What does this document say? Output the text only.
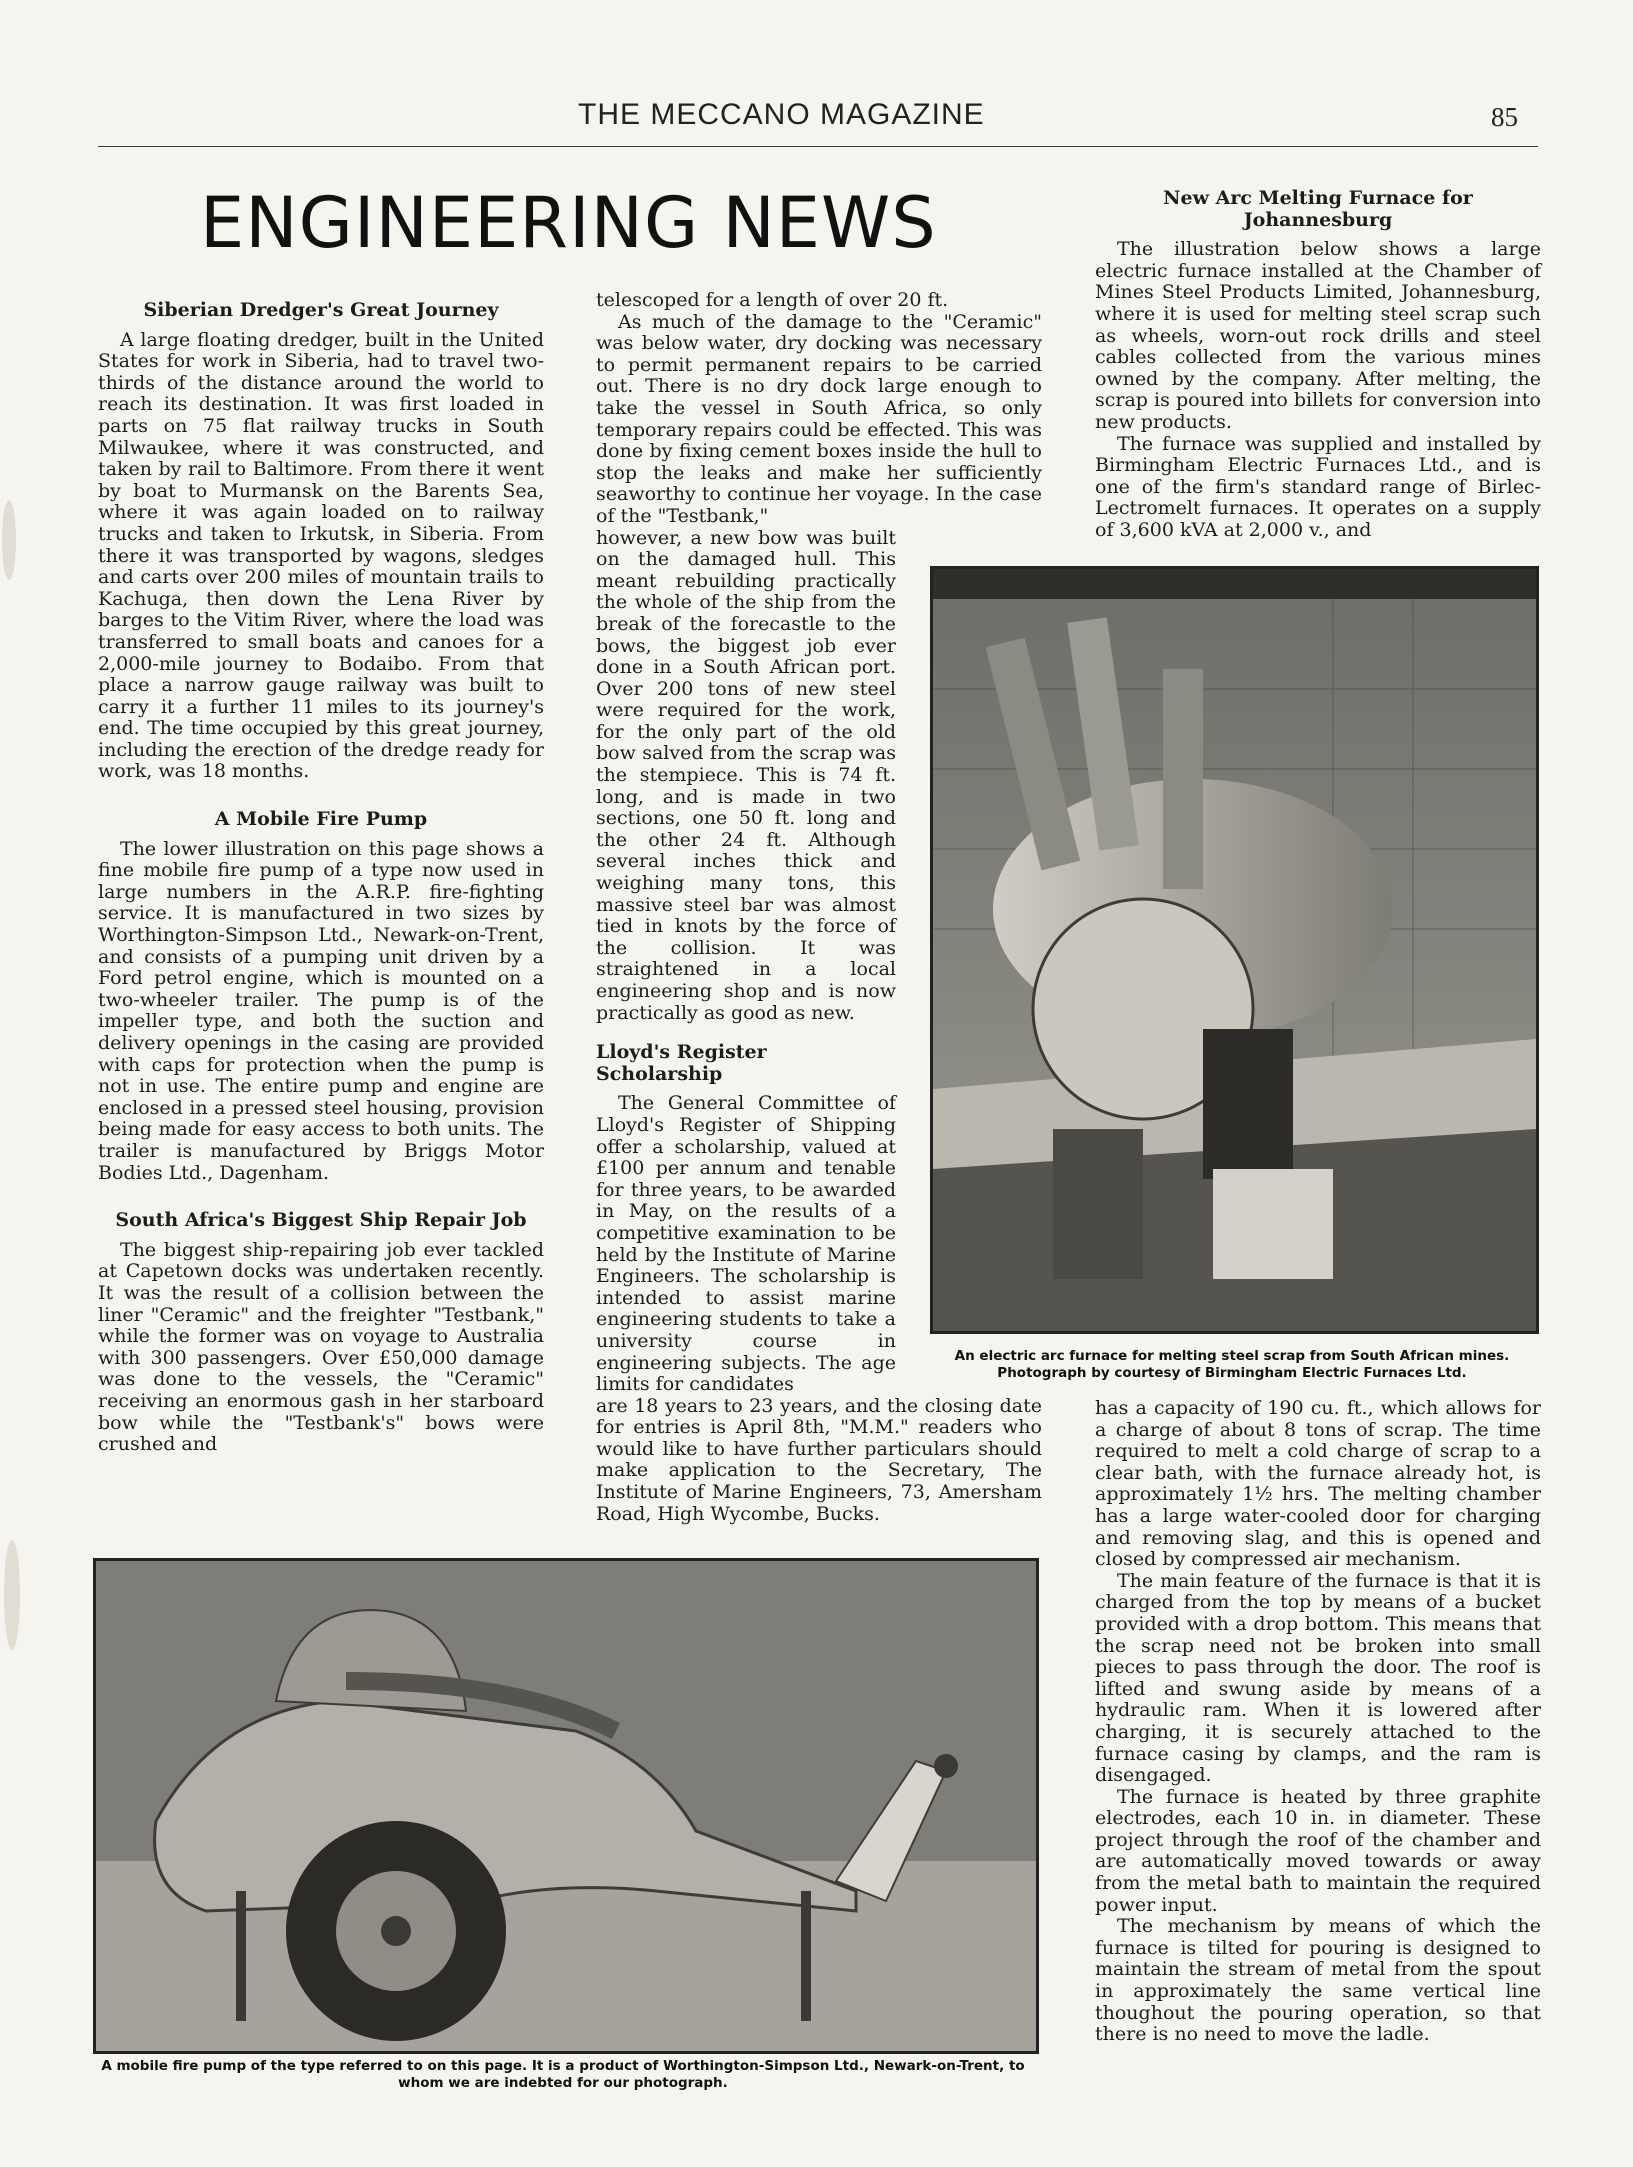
THE MECCANO MAGAZINE	85
ENGINEERING NEWS
Siberian Dredger's Great Journey

A large floating dredger, built in the United States for work in Siberia, had to travel two-thirds of the distance around the world to reach its destination. It was first loaded in parts on 75 flat railway trucks in South Milwaukee, where it was constructed, and taken by rail to Baltimore. From there it went by boat to Murmansk on the Barents Sea, where it was again loaded on to railway trucks and taken to Irkutsk, in Siberia. From there it was transported by wagons, sledges and carts over 200 miles of mountain trails to Kachuga, then down the Lena River by barges to the Vitim River, where the load was transferred to small boats and canoes for a 2,000-mile journey to Bodaibo. From that place a narrow gauge railway was built to carry it a further 11 miles to its journey's end. The time occupied by this great journey, including the erection of the dredge ready for work, was 18 months.

A Mobile Fire Pump

The lower illustration on this page shows a fine mobile fire pump of a type now used in large numbers in the A.R.P. fire-fighting service. It is manufactured in two sizes by Worthington-Simpson Ltd., Newark-on-Trent, and consists of a pumping unit driven by a Ford petrol engine, which is mounted on a two-wheeler trailer. The pump is of the impeller type, and both the suction and delivery openings in the casing are provided with caps for protection when the pump is not in use. The entire pump and engine are enclosed in a pressed steel housing, provision being made for easy access to both units. The trailer is manufactured by Briggs Motor Bodies Ltd., Dagenham.

South Africa's Biggest Ship Repair Job

The biggest ship-repairing job ever tackled at Capetown docks was undertaken recently. It was the result of a collision between the liner "Ceramic" and the freighter "Testbank," while the former was on voyage to Australia with 300 passengers. Over £50,000 damage was done to the vessels, the "Ceramic" receiving an enormous gash in her starboard bow while the "Testbank's" bows were crushed and

telescoped for a length of over 20 ft.

As much of the damage to the "Ceramic" was below water, dry docking was necessary to permit permanent repairs to be carried out. There is no dry dock large enough to take the vessel in South Africa, so only temporary repairs could be effected. This was done by fixing cement boxes inside the hull to stop the leaks and make her sufficiently seaworthy to continue her voyage. In the case of the "Testbank,"

however, a new bow was built on the damaged hull. This meant rebuilding practically the whole of the ship from the break of the forecastle to the bows, the biggest job ever done in a South African port. Over 200 tons of new steel were required for the work, for the only part of the old bow salved from the scrap was the stempiece. This is 74 ft. long, and is made in two sections, one 50 ft. long and the other 24 ft. Although several inches thick and weighing many tons, this massive steel bar was almost tied in knots by the force of the collision. It was straightened in a local engineering shop and is now practically as good as new.

Lloyd's Register Scholarship

The General Committee of Lloyd's Register of Shipping offer a scholarship, valued at £100 per annum and tenable for three years, to be awarded in May, on the results of a competitive examination to be held by the Institute of Marine Engineers. The scholarship is intended to assist marine engineering students to take a university course in engineering subjects. The age limits for candidates

are 18 years to 23 years, and the closing date for entries is April 8th, "M.M." readers who would like to have further particulars should make application to the Secretary, The Institute of Marine Engineers, 73, Amersham Road, High Wycombe, Bucks.

New Arc Melting Furnace for Johannesburg

The illustration below shows a large electric furnace installed at the Chamber of Mines Steel Products Limited, Johannesburg, where it is used for melting steel scrap such as wheels, worn-out rock drills and steel cables collected from the various mines owned by the company. After melting, the scrap is poured into billets for conversion into new products.

The furnace was supplied and installed by Birmingham Electric Furnaces Ltd., and is one of the firm's standard range of Birlec-Lectromelt furnaces. It operates on a supply of 3,600 kVA at 2,000 v., and

An electric arc furnace for melting steel scrap from South African mines. Photograph by courtesy of Birmingham Electric Furnaces Ltd.

has a capacity of 190 cu. ft., which allows for a charge of about 8 tons of scrap. The time required to melt a cold charge of scrap to a clear bath, with the furnace already hot, is approximately 1½ hrs. The melting chamber has a large water-cooled door for charging and removing slag, and this is opened and closed by compressed air mechanism.

The main feature of the furnace is that it is charged from the top by means of a bucket provided with a drop bottom. This means that the scrap need not be broken into small pieces to pass through the door. The roof is lifted and swung aside by means of a hydraulic ram. When it is lowered after charging, it is securely attached to the furnace casing by clamps, and the ram is disengaged.

The furnace is heated by three graphite electrodes, each 10 in. in diameter. These project through the roof of the chamber and are automatically moved towards or away from the metal bath to maintain the required power input.

The mechanism by means of which the furnace is tilted for pouring is designed to maintain the stream of metal from the spout in approximately the same vertical line thoughout the pouring operation, so that there is no need to move the ladle.

A mobile fire pump of the type referred to on this page. It is a product of Worthington-Simpson Ltd., Newark-on-Trent, to whom we are indebted for our photograph.
